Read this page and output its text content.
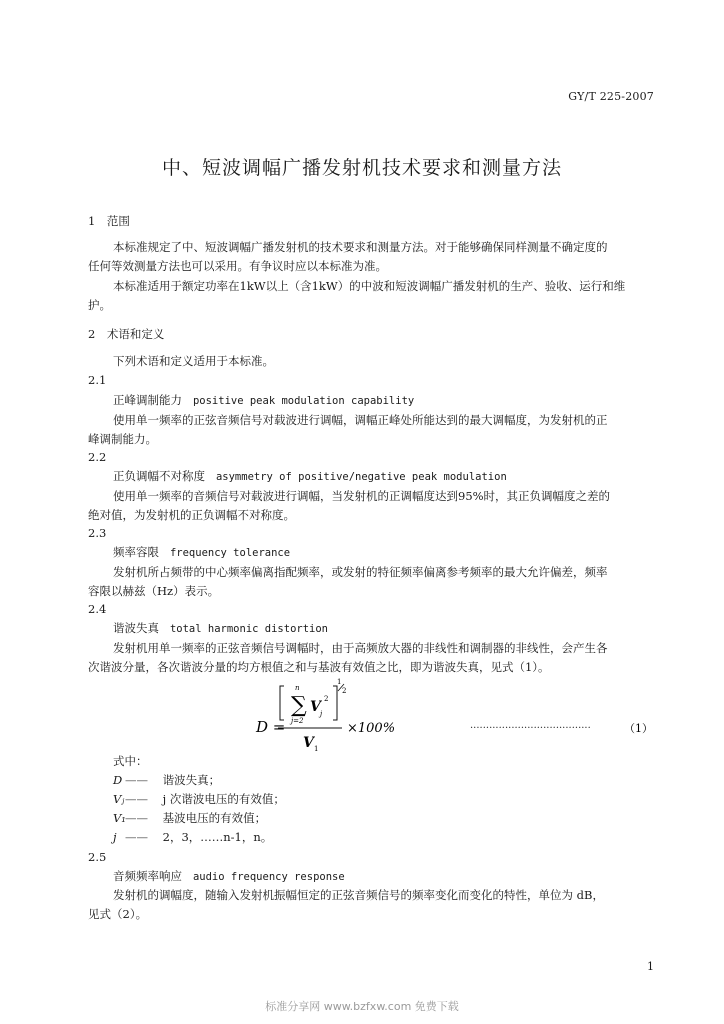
GY/T 225-2007
中、短波调幅广播发射机技术要求和测量方法
1　范围
本标准规定了中、短波调幅广播发射机的技术要求和测量方法。对于能够确保同样测量不确定度的
任何等效测量方法也可以采用。有争议时应以本标准为准。
本标准适用于额定功率在1kW以上（含1kW）的中波和短波调幅广播发射机的生产、验收、运行和维
护。
2　术语和定义
下列术语和定义适用于本标准。
2.1
正峰调制能力 positive peak modulation capability
使用单一频率的正弦音频信号对载波进行调幅，调幅正峰处所能达到的最大调幅度，为发射机的正
峰调制能力。
2.2
正负调幅不对称度 asymmetry of positive/negative peak modulation
使用单一频率的音频信号对载波进行调幅，当发射机的正调幅度达到95%时，其正负调幅度之差的
绝对值，为发射机的正负调幅不对称度。
2.3
频率容限 frequency tolerance
发射机所占频带的中心频率偏离指配频率，或发射的特征频率偏离参考频率的最大允许偏差，频率
容限以赫兹（Hz）表示。
2.4
谐波失真 total harmonic distortion
发射机用单一频率的正弦音频信号调幅时，由于高频放大器的非线性和调制器的非线性，会产生各
次谐波分量，各次谐波分量的均方根值之和与基波有效值之比，即为谐波失真，见式（1）。
D =
∑
n
j=2
V j
2
1
2
V 1
×100%	······································	（1）
式中：
D —— 谐波失真；
Vⱼ—— j 次谐波电压的有效值；
V₁—— 基波电压的有效值；
j —— 2，3，……n-1，n。
2.5
音频频率响应 audio frequency response
发射机的调幅度，随输入发射机振幅恒定的正弦音频信号的频率变化而变化的特性，单位为 dB，
见式（2）。
1
标准分享网 www.bzfxw.com 免费下载
